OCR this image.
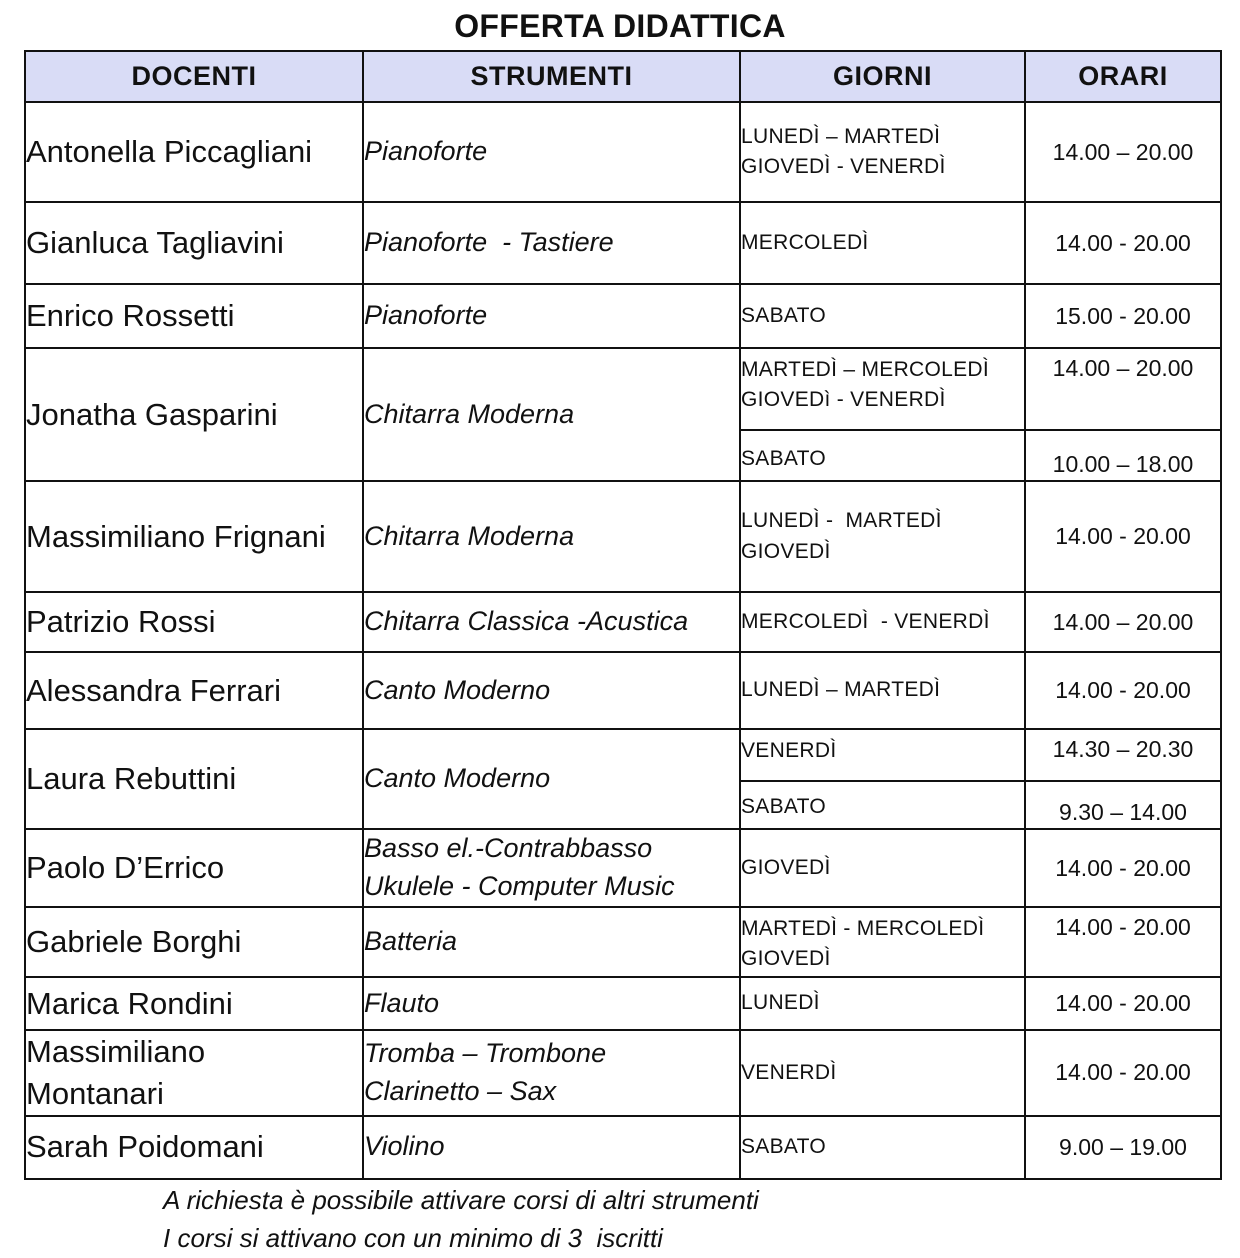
OFFERTA DIDATTICA
DOCENTI	STRUMENTI	GIORNI	ORARI

Antonella Piccagliani	Pianoforte	LUNEDÌ – MARTEDÌ
GIOVEDÌ - VENERDÌ	14.00 – 20.00

Gianluca Tagliavini	Pianoforte  - Tastiere	MERCOLEDÌ	14.00 - 20.00

Enrico Rossetti	Pianoforte	SABATO	15.00 - 20.00

Jonatha Gasparini	Chitarra Moderna	MARTEDÌ – MERCOLEDÌ
GIOVEDì - VENERDÌ	14.00 – 20.00

		SABATO	10.00 – 18.00

Massimiliano Frignani	Chitarra Moderna	LUNEDÌ -  MARTEDÌ
GIOVEDÌ	14.00 - 20.00

Patrizio Rossi	Chitarra Classica -Acustica	MERCOLEDÌ  - VENERDÌ	14.00 – 20.00

Alessandra Ferrari	Canto Moderno	LUNEDÌ – MARTEDÌ	14.00 - 20.00

Laura Rebuttini	Canto Moderno	VENERDÌ	14.30 – 20.30

		SABATO	9.30 – 14.00

Paolo D’Errico	Basso el.-Contrabbasso
Ukulele - Computer Music	GIOVEDÌ	14.00 - 20.00

Gabriele Borghi	Batteria	MARTEDÌ - MERCOLEDÌ
GIOVEDÌ	14.00 - 20.00

Marica Rondini	Flauto	LUNEDÌ	14.00 - 20.00

Massimiliano
Montanari	Tromba – Trombone
Clarinetto – Sax	VENERDÌ	14.00 - 20.00

Sarah Poidomani	Violino	SABATO	9.00 – 19.00
A richiesta è possibile attivare corsi di altri strumenti
I corsi si attivano con un minimo di 3  iscritti
